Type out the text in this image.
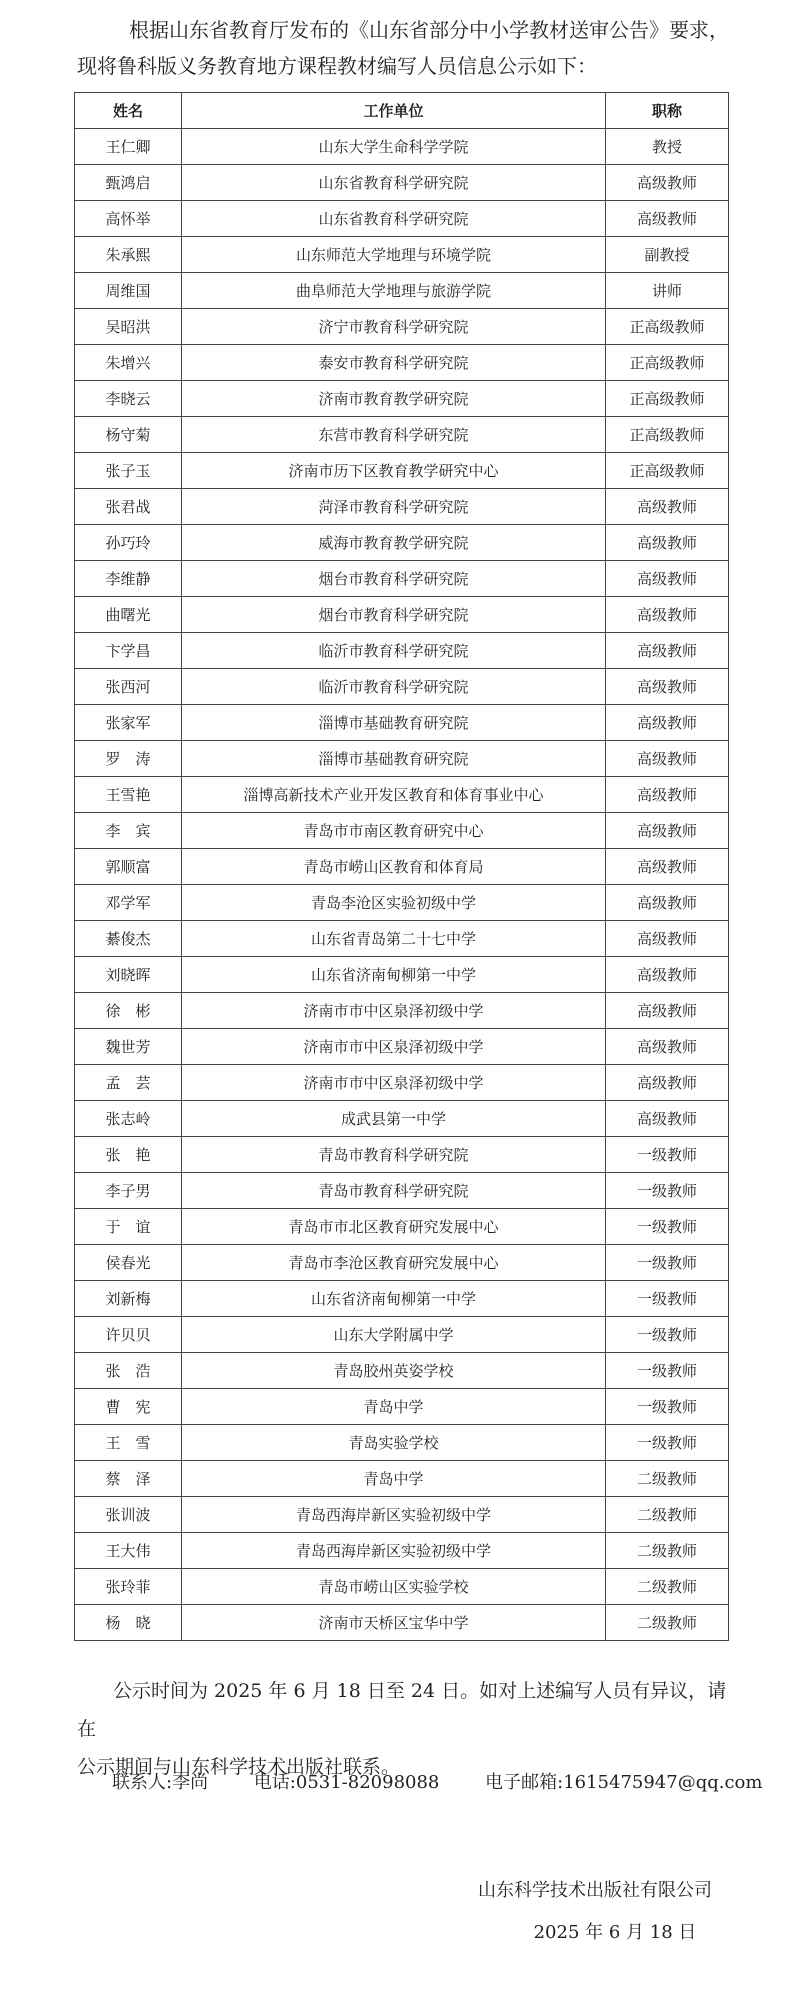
根据山东省教育厅发布的《山东省部分中小学教材送审公告》要求，

现将鲁科版义务教育地方课程教材编写人员信息公示如下：

姓名	工作单位	职称
王仁卿	山东大学生命科学学院	教授
甄鸿启	山东省教育科学研究院	高级教师
高怀举	山东省教育科学研究院	高级教师
朱承熙	山东师范大学地理与环境学院	副教授
周维国	曲阜师范大学地理与旅游学院	讲师
吴昭洪	济宁市教育科学研究院	正高级教师
朱增兴	泰安市教育科学研究院	正高级教师
李晓云	济南市教育教学研究院	正高级教师
杨守菊	东营市教育科学研究院	正高级教师
张子玉	济南市历下区教育教学研究中心	正高级教师
张君战	菏泽市教育科学研究院	高级教师
孙巧玲	威海市教育教学研究院	高级教师
李维静	烟台市教育科学研究院	高级教师
曲曙光	烟台市教育科学研究院	高级教师
卞学昌	临沂市教育科学研究院	高级教师
张西河	临沂市教育科学研究院	高级教师
张家军	淄博市基础教育研究院	高级教师
罗　涛	淄博市基础教育研究院	高级教师
王雪艳	淄博高新技术产业开发区教育和体育事业中心	高级教师
李　宾	青岛市市南区教育研究中心	高级教师
郭顺富	青岛市崂山区教育和体育局	高级教师
邓学军	青岛李沧区实验初级中学	高级教师
綦俊杰	山东省青岛第二十七中学	高级教师
刘晓晖	山东省济南甸柳第一中学	高级教师
徐　彬	济南市市中区泉泽初级中学	高级教师
魏世芳	济南市市中区泉泽初级中学	高级教师
孟　芸	济南市市中区泉泽初级中学	高级教师
张志岭	成武县第一中学	高级教师
张　艳	青岛市教育科学研究院	一级教师
李子男	青岛市教育科学研究院	一级教师
于　谊	青岛市市北区教育研究发展中心	一级教师
侯春光	青岛市李沧区教育研究发展中心	一级教师
刘新梅	山东省济南甸柳第一中学	一级教师
许贝贝	山东大学附属中学	一级教师
张　浩	青岛胶州英姿学校	一级教师
曹　宪	青岛中学	一级教师
王　雪	青岛实验学校	一级教师
蔡　泽	青岛中学	二级教师
张训波	青岛西海岸新区实验初级中学	二级教师
王大伟	青岛西海岸新区实验初级中学	二级教师
张玲菲	青岛市崂山区实验学校	二级教师
杨　晓	济南市天桥区宝华中学	二级教师

公示时间为 2025 年 6 月 18 日至 24 日。如对上述编写人员有异议，请在

公示期间与山东科学技术出版社联系。

联系人:李尚	电话:0531-82098088	电子邮箱:1615475947@qq.com
山东科学技术出版社有限公司
2025 年 6 月 18 日
